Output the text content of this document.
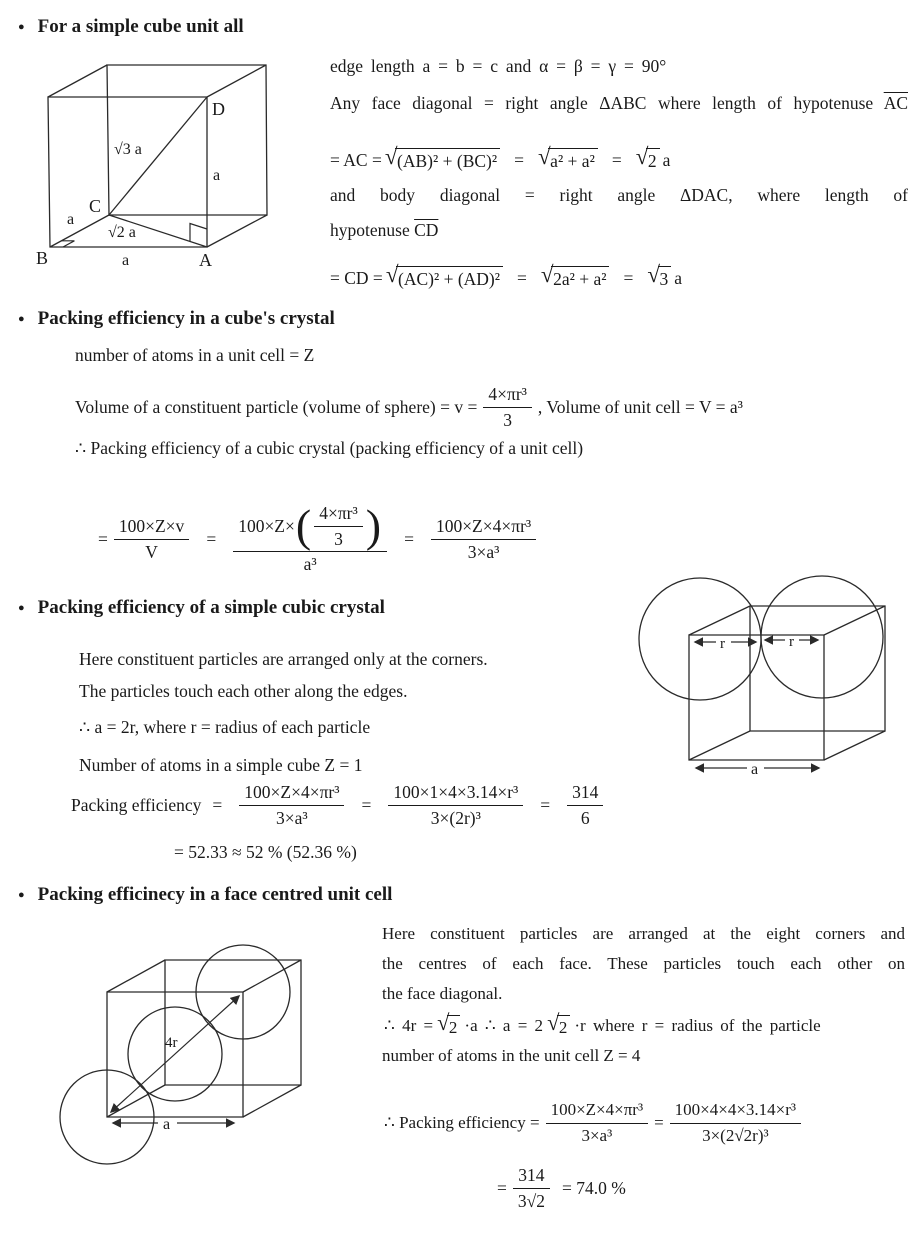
● For a simple cube unit all
B	A
C
D
a
a
a
√2 a
√3 a
edge length a = b = c and α = β = γ = 90°
Any face diagonal = right angle ΔABC where length of hypotenuse $\overline{AC}$
= AC = √ (AB)² + (BC)² = √ a² + a² = √ 2 a
and body diagonal = right angle ΔDAC, where length of
hypotenuse $\overline{CD}$
= CD = √ (AC)² + (AD)² = √ 2a² + a² = √ 3 a
● Packing efficiency in a cube's crystal
number of atoms in a unit cell = Z
Volume of a constituent particle (volume of sphere) = $v = \frac{\text{4×πr³}}{3}$ , Volume of unit cell = V = a³
∴ Packing efficiency of a cubic crystal (packing efficiency of a unit cell)
= $\frac{100\times Z\times v}{V}$ =
100×Z× ( $\frac{\text{4×πr³}}{3}$ )
a³
= $\frac{\text{100×Z×4×πr³}}{\text{3×a³}}$
● Packing efficiency of a simple cubic crystal
Here constituent particles are arranged only at the corners.
The particles touch each other along the edges.
∴ a = 2r, where r = radius of each particle
Number of atoms in a simple cube Z = 1
Packing efficiency = $\frac{\text{100×Z×4×πr³}}{\text{3×a³}} = \frac{\text{100×1×4×3.14×r³}}{\text{3×(2r)³}} = \frac{314}{6}$
= 52.33 ≈ 52 % (52.36 %)
r	r
a
● Packing efficinecy in a face centred unit cell
4r
a
Here constituent particles are arranged at the eight corners and
the centres of each face. These particles touch each other on
the face diagonal.
∴ 4r = √ 2 ·a ∴ a = 2 √ 2 ·r where r = radius of the particle
number of atoms in the unit cell Z = 4
∴ Packing efficiency = $\frac{\text{100×Z×4×πr³}}{\text{3×a³}} = \frac{\text{100×4×4×3.14×r³}}{\text{3×(2√2r)³}}$
= $\frac{314}{3√2} = 74.0$ %
